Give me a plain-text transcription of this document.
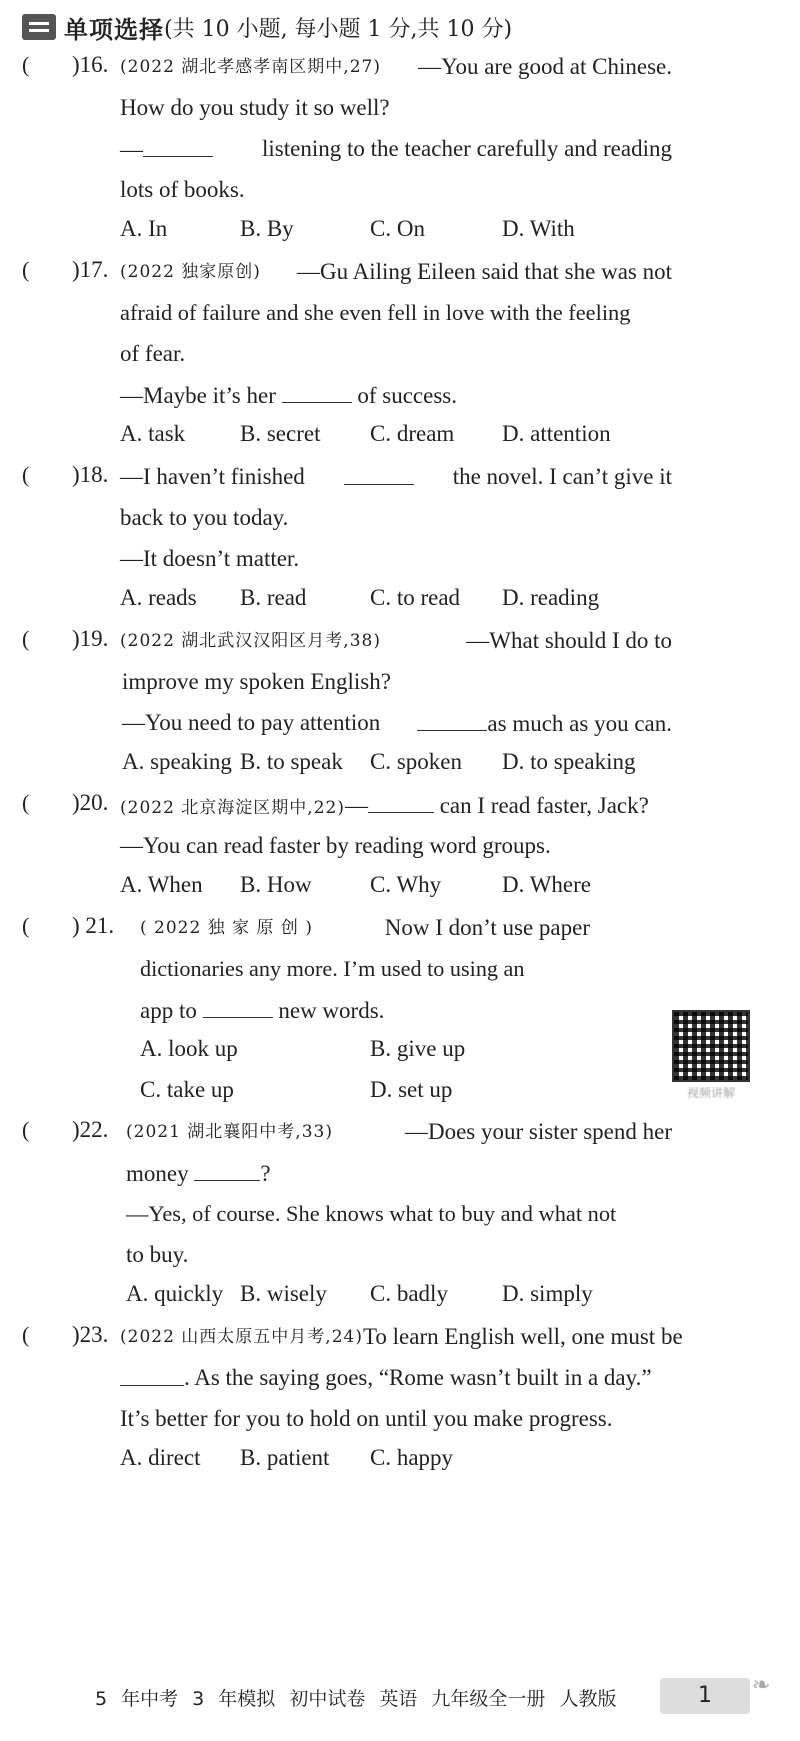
单项选择 (共 10 小题, 每小题 1 分,共 10 分)
( )16. (2022 湖北孝感孝南区期中,27) —You are good at Chinese.
How do you study it so well?
—	listening to the teacher carefully and reading
lots of books.
A. In	B. By	C. On	D. With
( )17. (2022 独家原创) —Gu Ailing Eileen said that she was not
afraid of failure and she even fell in love with the feeling
of fear.
—Maybe it’s her	of success.
A. task B. secret C. dream D. attention
( )18. —I haven’t finished	the novel. I can’t give it
back to you today.
—It doesn’t matter.
A. reads B. read	C. to read D. reading
( )19. (2022 湖北武汉汉阳区月考,38)	—What should I do to
improve my spoken English?
—You need to pay attention	as much as you can.
A. speaking B. to speak C. spoken D. to speaking
( )20. (2022 北京海淀区期中,22)—	can I read faster, Jack?
—You can read faster by reading word groups.
A. When B. How	C. Why	D. Where
( ) 21. ( 2022 独 家 原 创 )	Now I don’t use paper
dictionaries any more. I’m used to using an
app to	new words.
A. look up	B. give up
C. take up	D. set up	视频讲解
( )22. (2021 湖北襄阳中考,33)	—Does your sister spend her
money	?
—Yes, of course. She knows what to buy and what not
to buy.
A. quickly B. wisely C. badly D. simply
( )23. (2022 山西太原五中月考,24) To learn English well, one must be
. As the saying goes, “Rome wasn’t built in a day.”
It’s better for you to hold on until you make progress.
A. direct B. patient C. happy
5 年中考 3 年模拟 初中试卷 英语 九年级全一册 人教版	1	❧
